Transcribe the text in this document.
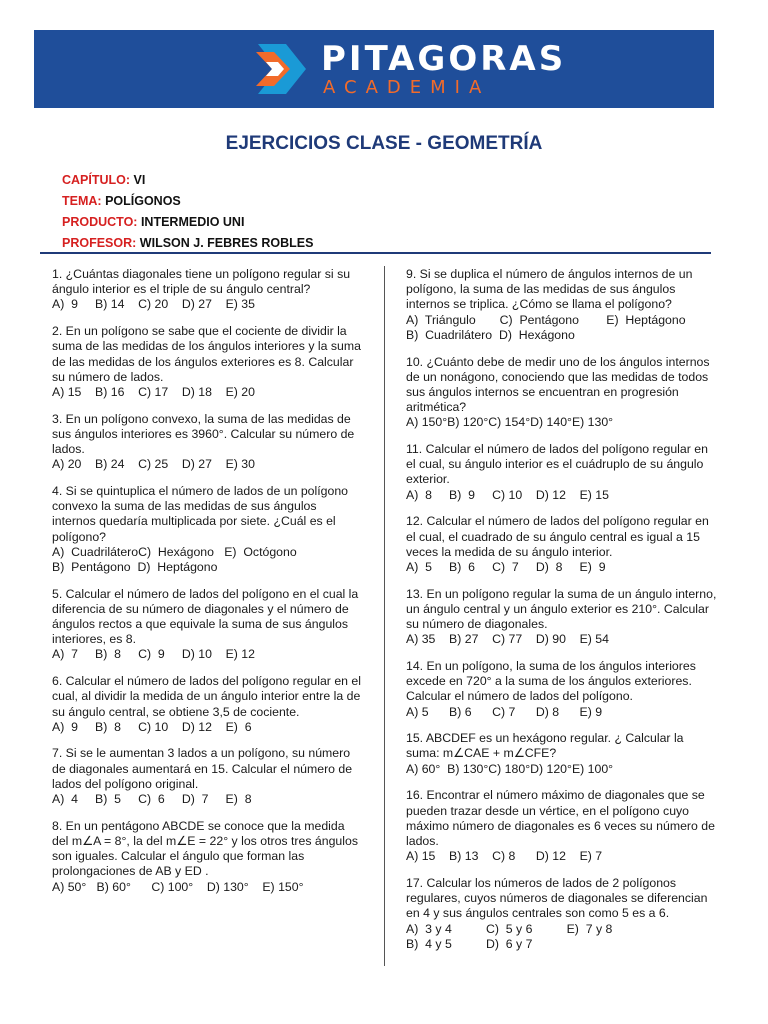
PITAGORAS
ACADEMIA
EJERCICIOS CLASE - GEOMETRÍA
CAPÍTULO: VI
TEMA: POLÍGONOS
PRODUCTO: INTERMEDIO UNI
PROFESOR: WILSON J. FEBRES ROBLES
1. ¿Cuántas diagonales tiene un polígono regular si su ángulo interior es el triple de su ángulo central?
A)  9     B) 14    C) 20    D) 27    E) 35
2. En un polígono se sabe que el cociente de dividir la suma de las medidas de los ángulos interiores y la suma de las medidas de los ángulos exteriores es 8. Calcular su número de lados.
A) 15    B) 16    C) 17    D) 18    E) 20
3. En un polígono convexo, la suma de las medidas de sus ángulos interiores es 3960°. Calcular su número de lados.
A) 20    B) 24    C) 25    D) 27    E) 30
4. Si se quintuplica el número de lados de un polígono convexo la suma de las medidas de sus ángulos internos quedaría multiplicada por siete. ¿Cuál es el polígono?
A)  CuadriláteroC)  Hexágono   E)  Octógono
B)  Pentágono  D)  Heptágono
5. Calcular el número de lados del polígono en el cual la diferencia de su número de diagonales y el número de ángulos rectos a que equivale la suma de sus ángulos interiores, es 8.
A)  7     B)  8     C)  9     D) 10    E) 12
6. Calcular el número de lados del polígono regular en el cual, al dividir la medida de un ángulo interior entre la de su ángulo central, se obtiene 3,5 de cociente.
A)  9     B)  8     C) 10    D) 12    E)  6
7. Si se le aumentan 3 lados a un polígono, su número de diagonales aumentará en 15. Calcular el número de lados del polígono original.
A)  4     B)  5     C)  6     D)  7     E)  8
8. En un pentágono ABCDE se conoce que la medida del m∠A = 8°, la del m∠E = 22° y los otros tres ángulos son iguales. Calcular el ángulo que forman las prolongaciones de AB y ED .
A) 50°   B) 60°      C) 100°    D) 130°    E) 150°
9. Si se duplica el número de ángulos internos de un polígono, la suma de las medidas de sus ángulos internos se triplica. ¿Cómo se llama el polígono?
A)  Triángulo       C)  Pentágono        E)  Heptágono
B)  Cuadrilátero  D)  Hexágono
10. ¿Cuánto debe de medir uno de los ángulos internos de un nonágono, conociendo que las medidas de todos sus ángulos internos se encuentran en progresión aritmética?
A) 150°B) 120°C) 154°D) 140°E) 130°
11. Calcular el número de lados del polígono regular en el cual, su ángulo interior es el cuádruplo de su ángulo exterior.
A)  8     B)  9     C) 10    D) 12    E) 15
12. Calcular el número de lados del polígono regular en el cual, el cuadrado de su ángulo central es igual a 15 veces la medida de su ángulo interior.
A)  5     B)  6     C)  7     D)  8     E)  9
13. En un polígono regular la suma de un ángulo interno, un ángulo central y un ángulo exterior es 210°. Calcular su número de diagonales.
A) 35    B) 27    C) 77    D) 90    E) 54
14. En un polígono, la suma de los ángulos interiores excede en 720° a la suma de los ángulos exteriores. Calcular el número de lados del polígono.
A) 5      B) 6      C) 7      D) 8      E) 9
15. ABCDEF es un hexágono regular. ¿ Calcular la suma: m∠CAE + m∠CFE?
A) 60°  B) 130°C) 180°D) 120°E) 100°
16. Encontrar el número máximo de diagonales que se pueden trazar desde un vértice, en el polígono cuyo máximo número de diagonales es 6 veces su número de lados.
A) 15    B) 13    C) 8      D) 12    E) 7
17. Calcular los números de lados de 2 polígonos regulares, cuyos números de diagonales se diferencian en 4 y sus ángulos centrales son como 5 es a 6.
A)  3 y 4          C)  5 y 6          E)  7 y 8
B)  4 y 5          D)  6 y 7
